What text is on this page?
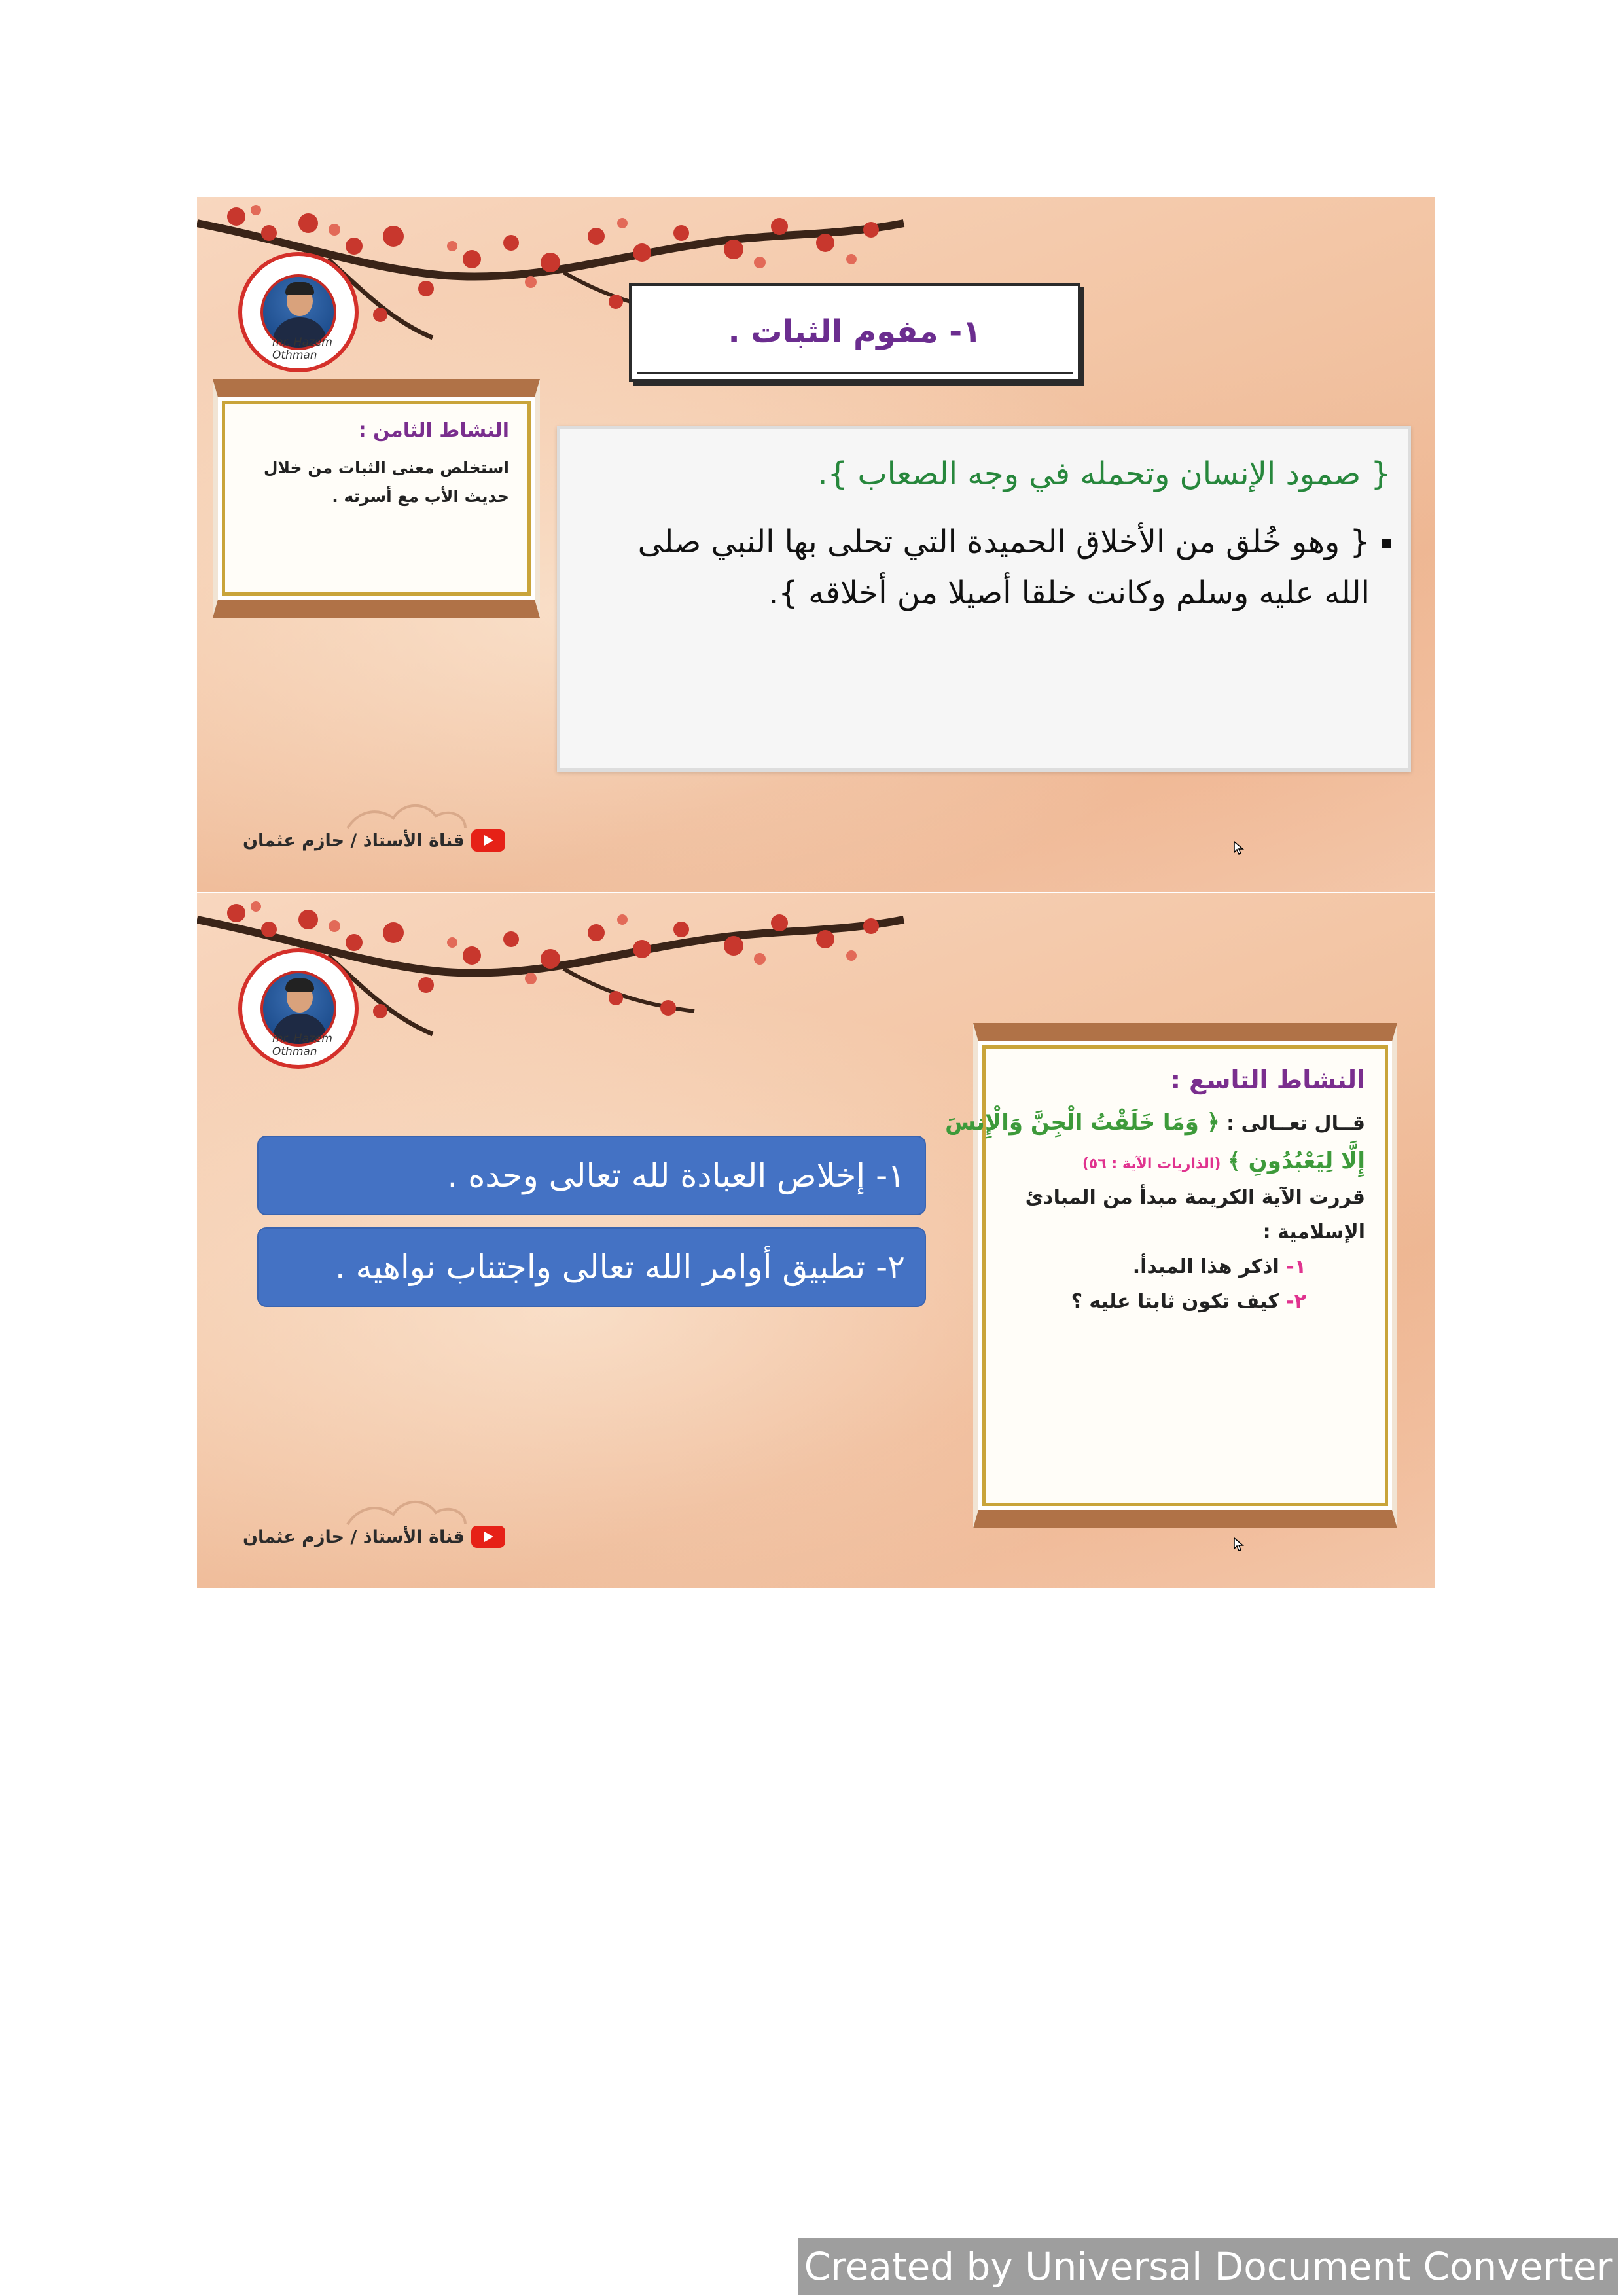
mr. Hazem Othman
١- مفوم الثبات .
النشاط الثامن :
استخلص معنى الثبات من خلال حديث الأب مع أسرته .

{ صمود الإنسان وتحمله في وجه الصعاب }.

{ وهو خُلق من الأخلاق الحميدة التي تحلى بها النبي صلى الله عليه وسلم وكانت خلقا أصيلا من أخلاقه }.
قناة الأستاذ / حازم عثمان
mr. Hazem Othman
١- إخلاص العبادة لله تعالى وحده .
٢- تطبيق أوامر الله تعالى واجتناب نواهيه .
النشاط التاسع :
قــال تعــالى : ﴿ وَمَا خَلَقْتُ الْجِنَّ وَالْإِنسَ
إِلَّا لِيَعْبُدُونِ ﴾ (الذاريات الآية : ٥٦)
قررت الآية الكريمة مبدأ من المبادئ
الإسلامية :
١- اذكر هذا المبدأ.
٢- كيف تكون ثابتا عليه ؟
قناة الأستاذ / حازم عثمان
Created by Universal Document Converter
